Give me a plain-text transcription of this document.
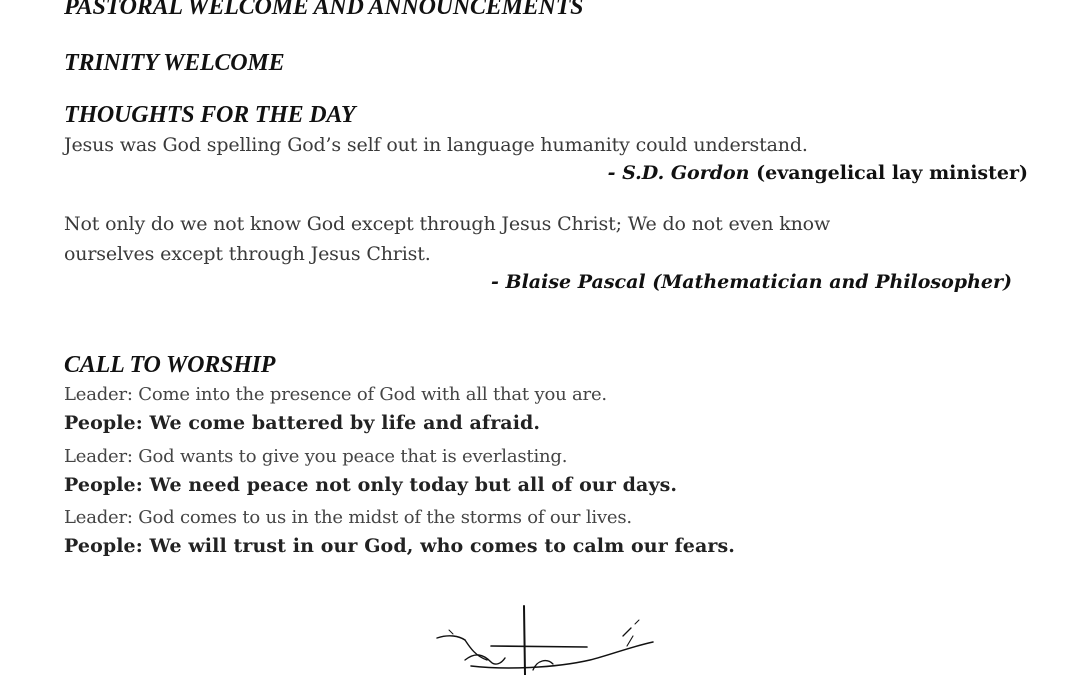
PASTORAL WELCOME AND ANNOUNCEMENTS
TRINITY WELCOME
THOUGHTS FOR THE DAY
Jesus was God spelling God’s self out in language humanity could understand.
- S.D. Gordon (evangelical lay minister)
Not only do we not know God except through Jesus Christ; We do not even know
ourselves except through Jesus Christ.
- Blaise Pascal (Mathematician and Philosopher)
CALL TO WORSHIP
Leader: Come into the presence of God with all that you are.
People: We come battered by life and afraid.
Leader: God wants to give you peace that is everlasting.
People: We need peace not only today but all of our days.
Leader: God comes to us in the midst of the storms of our lives.
People: We will trust in our God, who comes to calm our fears.
